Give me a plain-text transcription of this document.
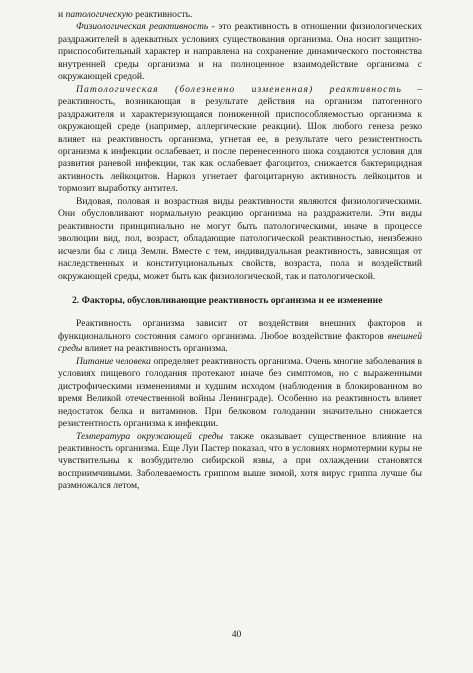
и патологическую реактивность.

Физиологическая реактивность - это реактивность в отношении физиологических раздражителей в адекватных условиях существования организма. Она носит защитно-приспособительный характер и направлена на сохранение динамического постоянства внутренней среды организма и на полноценное взаимодействие организма с окружающей средой.

Патологическая (болезненно измененная) реактивность – реактивность, возникающая в результате действия на организм патогенного раздражителя и характеризующаяся пониженной приспособляемостью организма к окружающей среде (например, аллергические реакции). Шок любого генеза резко влияет на реактивность организма, угнетая ее, в результате чего резистентность организма к инфекции ослабевает, и после перенесенного шока создаются условия для развития раневой инфекции, так как ослабевает фагоцитоз, снижается бактерицидная активность лейкоцитов. Наркоз угнетает фагоцитарную активность лейкоцитов и тормозит выработку антител.

Видовая, половая и возрастная виды реактивности являются физиологическими. Они обусловливают нормальную реакцию организма на раздражители. Эти виды реактивности принципиально не могут быть патологическими, иначе в процессе эволюции вид, пол, возраст, обладающие патологической реактивностью, неизбежно исчезли бы с лица Земли. Вместе с тем, индивидуальная реактивность, зависящая от наследственных и конституциональных свойств, возраста, пола и воздействий окружающей среды, может быть как физиологической, так и патологической.

2. Факторы, обусловливающие реактивность организма и ее изменение

Реактивность организма зависит от воздействия внешних факторов и функционального состояния самого организма. Любое воздействие факторов внешней среды влияет на реактивность организма.

Питание человека определяет реактивность организма. Очень многие заболевания в условиях пищевого голодания протекают иначе без симптомов, но с выраженными дистрофическими изменениями и худшим исходом (наблюдения в блокированном во время Великой отечественной войны Ленинграде). Особенно на реактивность влияет недостаток белка и витаминов. При белковом голодании значительно снижается резистентность организма к инфекции.

Температура окружающей среды также оказывает существенное влияние на реактивность организма. Еще Луи Пастер показал, что в условиях нормотермии куры не чувствительны к возбудителю сибирской язвы, а при охлаждении становятся восприимчивыми. Заболеваемость гриппом выше зимой, хотя вирус гриппа лучше бы размножался летом,

40
